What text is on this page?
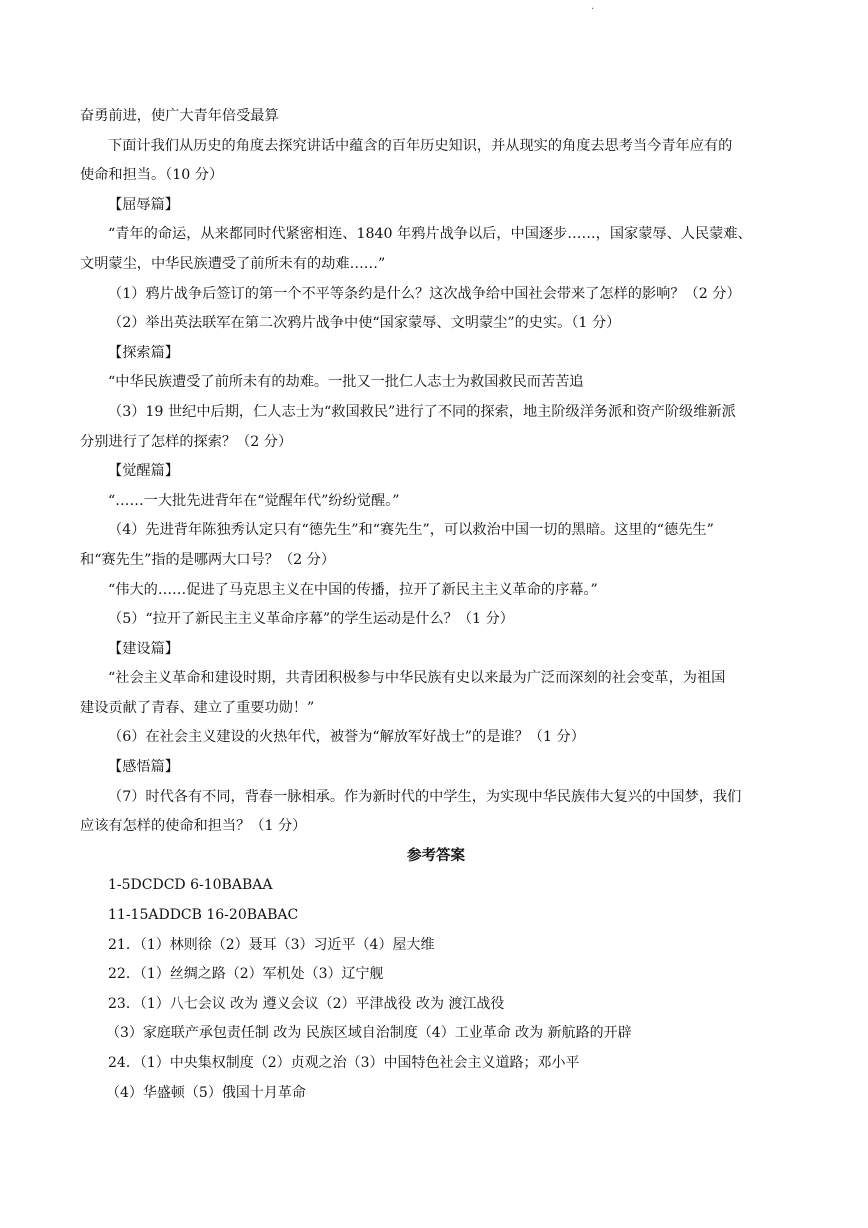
·
奋勇前进，使广大青年倍受最算
下面计我们从历史的角度去探究讲话中蕴含的百年历史知识，并从现实的角度去思考当今青年应有的
使命和担当。（10 分）
【屈辱篇】
“青年的命运，从来都同时代紧密相连、1840 年鸦片战争以后，中国逐步……，国家蒙辱、人民蒙难、
文明蒙尘，中华民族遭受了前所未有的劫难……”
（1）鸦片战争后签订的第一个不平等条约是什么？这次战争给中国社会带来了怎样的影响？（2 分）
（2）举出英法联军在第二次鸦片战争中使“国家蒙辱、文明蒙尘”的史实。（1 分）
【探索篇】
“中华民族遭受了前所未有的劫难。一批又一批仁人志士为救国救民而苦苦追
（3）19 世纪中后期，仁人志士为“救国救民”进行了不同的探索，地主阶级洋务派和资产阶级维新派
分别进行了怎样的探索？（2 分）
【觉醒篇】
“……一大批先进背年在“觉醒年代”纷纷觉醒。”
（4）先进背年陈独秀认定只有“德先生”和“赛先生”，可以救治中国一切的黑暗。这里的“德先生”
和“赛先生”指的是哪两大口号？（2 分）
“伟大的……促进了马克思主义在中国的传播，拉开了新民主主义革命的序幕。”
（5）“拉开了新民主主义革命序幕”的学生运动是什么？（1 分）
【建设篇】
“社会主义革命和建设时期，共青团积极参与中华民族有史以来最为广泛而深刻的社会变革，为祖国
建设贡献了青春、建立了重要功勋！”
（6）在社会主义建设的火热年代，被誉为“解放军好战士”的是谁？（1 分）
【感悟篇】
（7）时代各有不同，背春一脉相承。作为新时代的中学生，为实现中华民族伟大复兴的中国梦，我们
应该有怎样的使命和担当？（1 分）
参考答案
1-5DCDCD 6-10BABAA
11-15ADDCB 16-20BABAC
21．（1）林则徐（2）聂耳（3）习近平（4）屋大维
22．（1）丝绸之路（2）军机处（3）辽宁舰
23．（1）八七会议 改为 遵义会议（2）平津战役 改为 渡江战役
（3）家庭联产承包责任制 改为 民族区域自治制度（4）工业革命 改为 新航路的开辟
24．（1）中央集权制度（2）贞观之治（3）中国特色社会主义道路；邓小平
（4）华盛顿（5）俄国十月革命
